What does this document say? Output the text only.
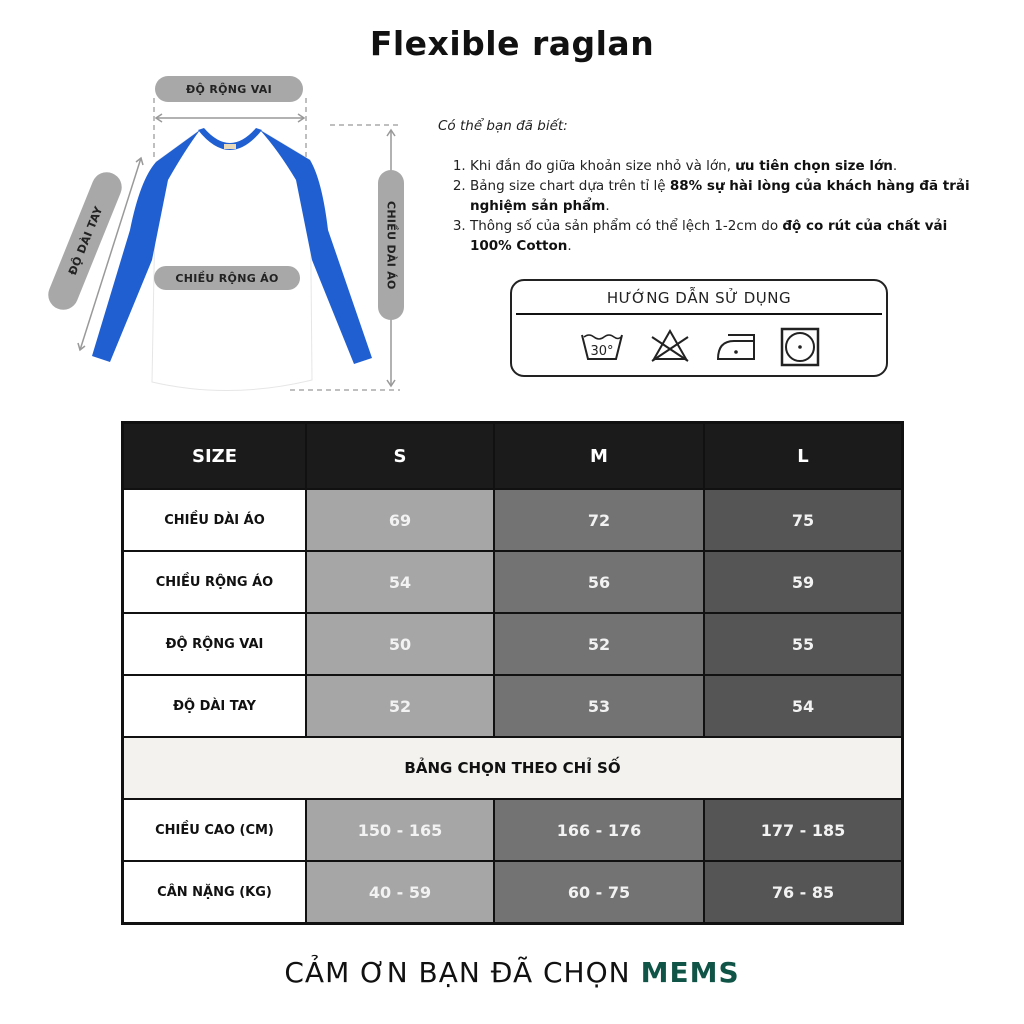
Flexible raglan
ĐỘ RỘNG VAI
CHIỀU RỘNG ÁO	CHIỀU DÀI ÁO
ĐỘ DÀI TAY
Có thể bạn đã biết:
1. Khi đắn đo giữa khoản size nhỏ và lớn, ưu tiên chọn size lớn.
2. Bảng size chart dựa trên tỉ lệ 88% sự hài lòng của khách hàng đã trải nghiệm sản phẩm.
3. Thông số của sản phẩm có thể lệch 1-2cm do độ co rút của chất vải 100% Cotton.
HƯỚNG DẪN SỬ DỤNG
30°
SIZE	S	M	L
CHIỀU DÀI ÁO	69	72	75
CHIỀU RỘNG ÁO	54	56	59
ĐỘ RỘNG VAI	50	52	55
ĐỘ DÀI TAY	52	53	54
BẢNG CHỌN THEO CHỈ SỐ
CHIỀU CAO (CM)	150 - 165	166 - 176	177 - 185
CÂN NẶNG (KG)	40 - 59	60 - 75	76 - 85
CẢM ƠN BẠN ĐÃ CHỌN MEMS
